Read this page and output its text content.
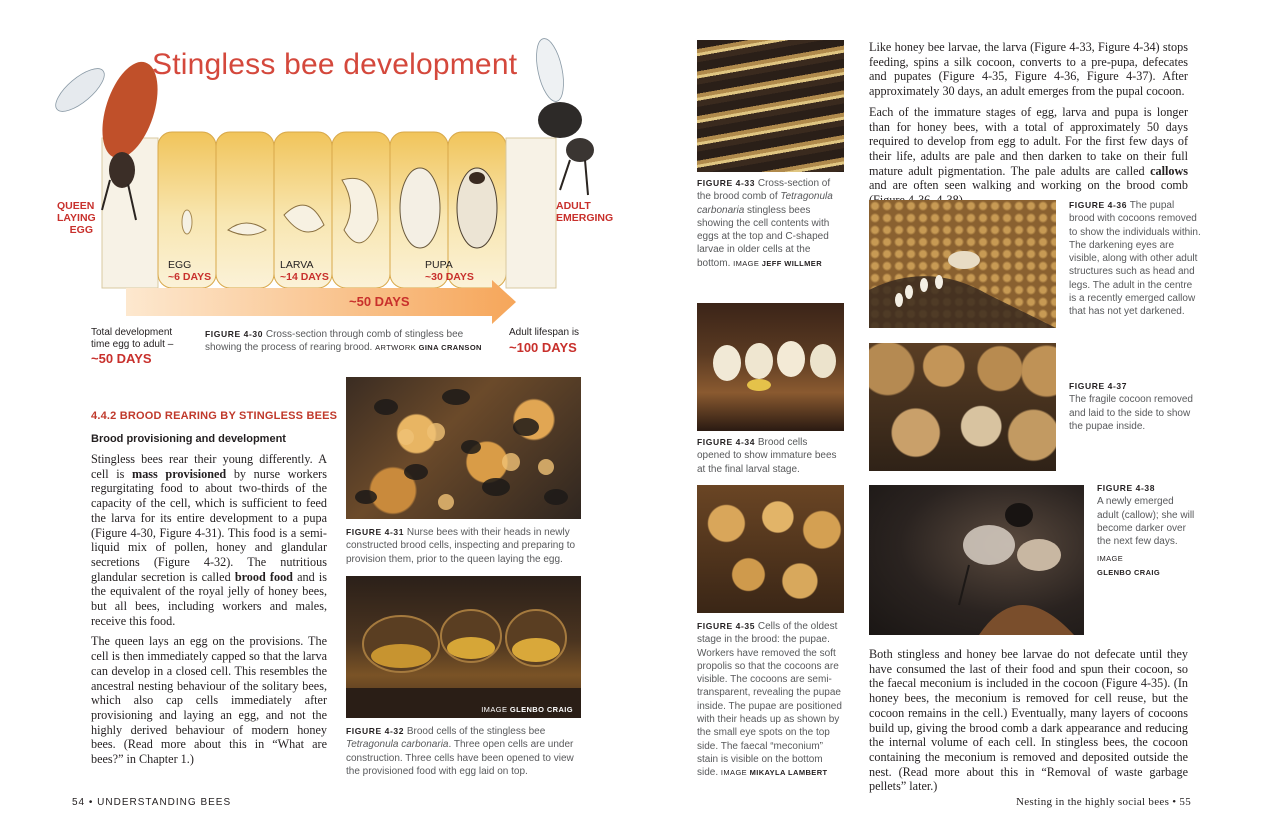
Stingless bee development
QUEEN
LAYING
EGG
ADULT
EMERGING
EGG
~6 DAYS
LARVA
~14 DAYS
PUPA
~30 DAYS
~50 DAYS
Total development
time egg to adult –
~50 DAYS
FIGURE 4-30 Cross-section through comb of stingless bee showing the process of rearing brood. ARTWORK GINA CRANSON
Adult lifespan is
~100 DAYS
4.4.2 BROOD REARING BY STINGLESS BEES
Brood provisioning and development

Stingless bees rear their young differently. A cell is mass provisioned by nurse workers regurgitating food to about two-thirds of the capacity of the cell, which is sufficient to feed the larva for its entire development to a pupa (Figure 4-30, Figure 4-31). This food is a semi-liquid mix of pollen, honey and glandular secretions (Figure 4-32). The nutritious glandular secretion is called brood food and is the equivalent of the royal jelly of honey bees, but all bees, including workers and males, receive this food.

The queen lays an egg on the provisions. The cell is then immediately capped so that the larva can develop in a closed cell. This resembles the ancestral nesting behaviour of the solitary bees, which also cap cells immediately after provisioning and laying an egg, and not the highly derived behaviour of modern honey bees. (Read more about this in “What are bees?” in Chapter 1.)

FIGURE 4-31 Nurse bees with their heads in newly constructed brood cells, inspecting and preparing to provision them, prior to the queen laying the egg.
IMAGE GLENBO CRAIG
FIGURE 4-32 Brood cells of the stingless bee Tetragonula carbonaria. Three open cells are under construction. Three cells have been opened to view the provisioned food with egg laid on top.
54 • UNDERSTANDING BEES
FIGURE 4-33 Cross-section of the brood comb of Tetragonula carbonaria stingless bees showing the cell contents with eggs at the top and C-shaped larvae in older cells at the bottom. IMAGE JEFF WILLMER
FIGURE 4-34 Brood cells opened to show immature bees at the final larval stage.
FIGURE 4-35 Cells of the oldest stage in the brood: the pupae. Workers have removed the soft propolis so that the cocoons are visible. The cocoons are semi-transparent, revealing the pupae inside. The pupae are positioned with their heads up as shown by the small eye spots on the top side. The faecal “meconium” stain is visible on the bottom side. IMAGE MIKAYLA LAMBERT

Like honey bee larvae, the larva (Figure 4-33, Figure 4-34) stops feeding, spins a silk cocoon, converts to a pre-pupa, defecates and pupates (Figure 4-35, Figure 4-36, Figure 4-37). After approximately 30 days, an adult emerges from the pupal cocoon.

Each of the immature stages of egg, larva and pupa is longer than for honey bees, with a total of approximately 50 days required to develop from egg to adult. For the first few days of their life, adults are pale and then darken to take on their full mature adult pigmentation. The pale adults are called callows and are often seen walking and working on the brood comb

FIGURE 4-36 The pupal brood with cocoons removed to show the individuals within. The darkening eyes are visible, along with other adult structures such as head and legs. The adult in the centre is a recently emerged callow that has not yet darkened.
FIGURE 4-37
The fragile cocoon removed and laid to the side to show the pupae inside.
FIGURE 4-38
A newly emerged adult (callow); she will become darker over the next few days.
IMAGE
GLENBO CRAIG

Both stingless and honey bee larvae do not defecate until they have consumed the last of their food and spun their cocoon, so the faecal meconium is included in the cocoon (Figure 4-35). (In honey bees, the meconium is removed for cell reuse, but the cocoon remains in the cell.) Eventually, many layers of cocoons build up, giving the brood comb a dark appearance and reducing the internal volume of each cell. In stingless bees, the cocoon containing the meconium is removed and deposited outside the nest. (Read more about this in “Removal of waste garbage pellets” later.)

Nesting in the highly social bees • 55
